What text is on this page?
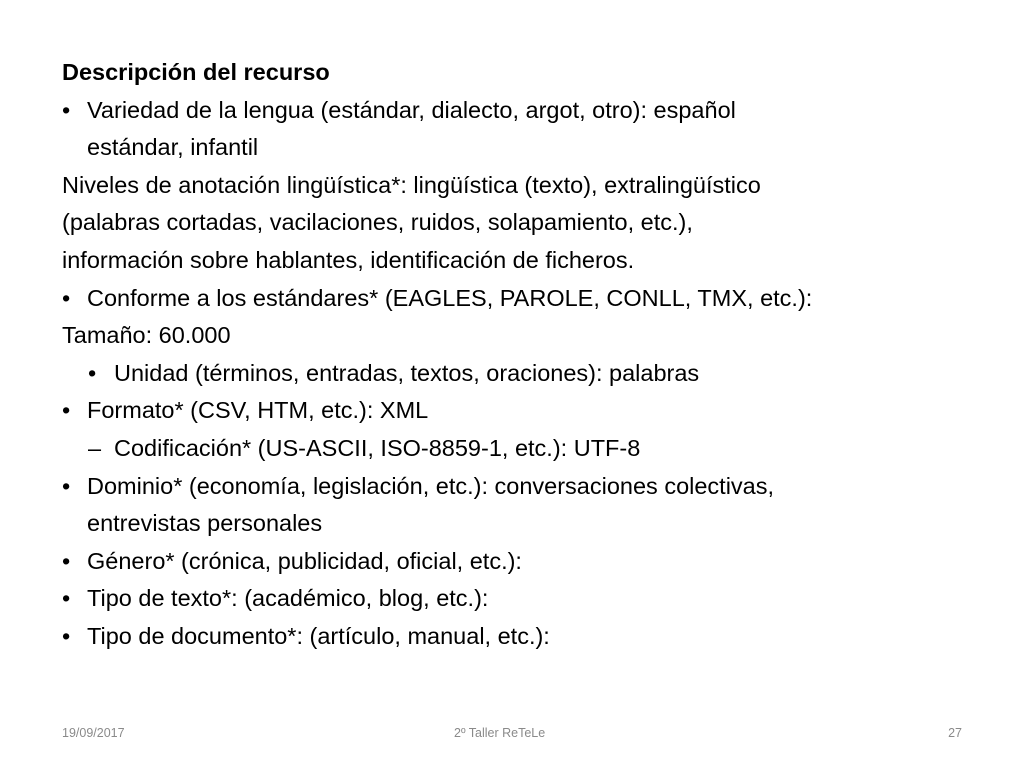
Descripción del recurso
• Variedad de la lengua (estándar, dialecto, argot, otro): español
estándar, infantil
Niveles de anotación lingüística*: lingüística (texto), extralingüístico
(palabras cortadas, vacilaciones, ruidos, solapamiento, etc.),
información sobre hablantes, identificación de ficheros.
• Conforme a los estándares* (EAGLES, PAROLE, CONLL, TMX, etc.):
Tamaño: 60.000
• Unidad (términos, entradas, textos, oraciones): palabras
• Formato* (CSV, HTM, etc.): XML
– Codificación* (US-ASCII, ISO-8859-1, etc.): UTF-8
• Dominio* (economía, legislación, etc.): conversaciones colectivas,
entrevistas personales
• Género* (crónica, publicidad, oficial, etc.):
• Tipo de texto*: (académico, blog, etc.):
• Tipo de documento*: (artículo, manual, etc.):
19/09/2017	2º Taller ReTeLe	27
